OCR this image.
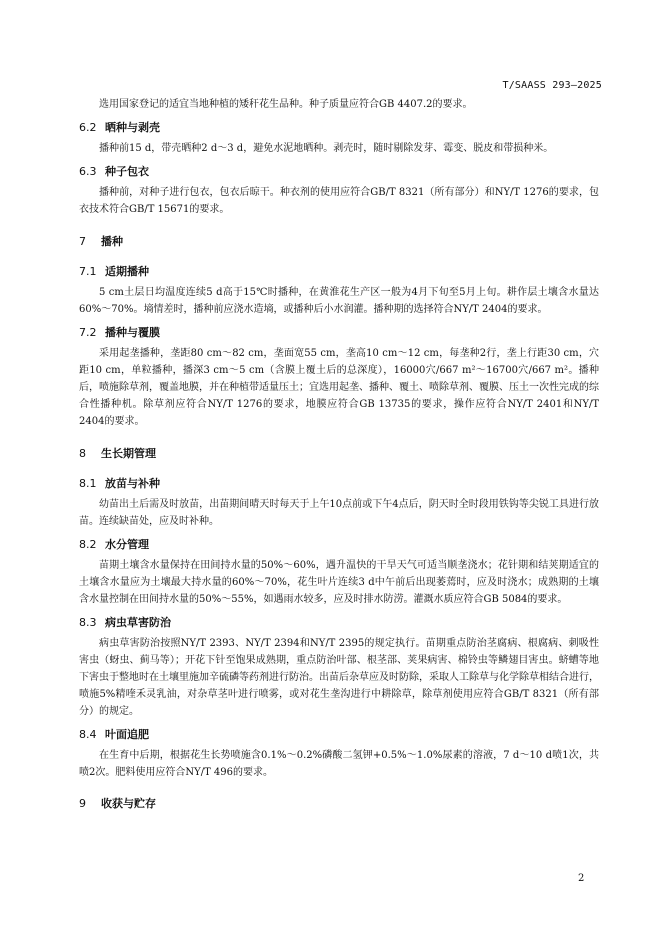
T/SAASS 293—2025

选用国家登记的适宜当地种植的矮秆花生品种。种子质量应符合GB 4407.2的要求。

6.2 晒种与剥壳

播种前15 d，带壳晒种2 d～3 d，避免水泥地晒种。剥壳时，随时剔除发芽、霉变、脱皮和带损种米。

6.3 种子包衣

播种前，对种子进行包衣，包衣后晾干。种衣剂的使用应符合GB/T 8321（所有部分）和NY/T 1276的要求，包衣技术符合GB/T 15671的要求。

7 播种
7.1 适期播种

5 cm土层日均温度连续5 d高于15℃时播种，在黄淮花生产区一般为4月下旬至5月上旬。耕作层土壤含水量达60%～70%。墒情差时，播种前应浇水造墒，或播种后小水润灌。播种期的选择符合NY/T 2404的要求。

7.2 播种与覆膜

采用起垄播种，垄距80 cm～82 cm，垄面宽55 cm，垄高10 cm～12 cm，每垄种2行，垄上行距30 cm，穴距10 cm，单粒播种，播深3 cm～5 cm（含膜上覆土后的总深度），16000穴/667 m²～16700穴/667 m²。播种后，喷施除草剂，覆盖地膜，并在种植带适量压土；宜选用起垄、播种、覆土、喷除草剂、覆膜、压土一次性完成的综合性播种机。除草剂应符合NY/T 1276的要求，地膜应符合GB 13735的要求，操作应符合NY/T 2401和NY/T 2404的要求。

8 生长期管理
8.1 放苗与补种

幼苗出土后需及时放苗，出苗期间晴天时每天于上午10点前或下午4点后，阴天时全时段用铁钩等尖锐工具进行放苗。连续缺苗处，应及时补种。

8.2 水分管理

苗期土壤含水量保持在田间持水量的50%～60%，遇升温快的干旱天气可适当顺垄浇水；花针期和结荚期适宜的土壤含水量应为土壤最大持水量的60%～70%，花生叶片连续3 d中午前后出现萎蔫时，应及时浇水；成熟期的土壤含水量控制在田间持水量的50%～55%，如遇雨水较多，应及时排水防涝。灌溉水质应符合GB 5084的要求。

8.3 病虫草害防治

病虫草害防治按照NY/T 2393、NY/T 2394和NY/T 2395的规定执行。苗期重点防治茎腐病、根腐病、刺吸性害虫（蚜虫、蓟马等）；开花下针至饱果成熟期，重点防治叶部、根茎部、荚果病害、棉铃虫等鳞翅目害虫。蛴螬等地下害虫于整地时在土壤里施加辛硫磷等药剂进行防治。出苗后杂草应及时防除，采取人工除草与化学除草相结合进行，喷施5%精喹禾灵乳油，对杂草茎叶进行喷雾，或对花生垄沟进行中耕除草，除草剂使用应符合GB/T 8321（所有部分）的规定。

8.4 叶面追肥

在生育中后期，根据花生长势喷施含0.1%～0.2%磷酸二氢钾+0.5%～1.0%尿素的溶液，7 d～10 d喷1次，共喷2次。肥料使用应符合NY/T 496的要求。

9 收获与贮存
2
